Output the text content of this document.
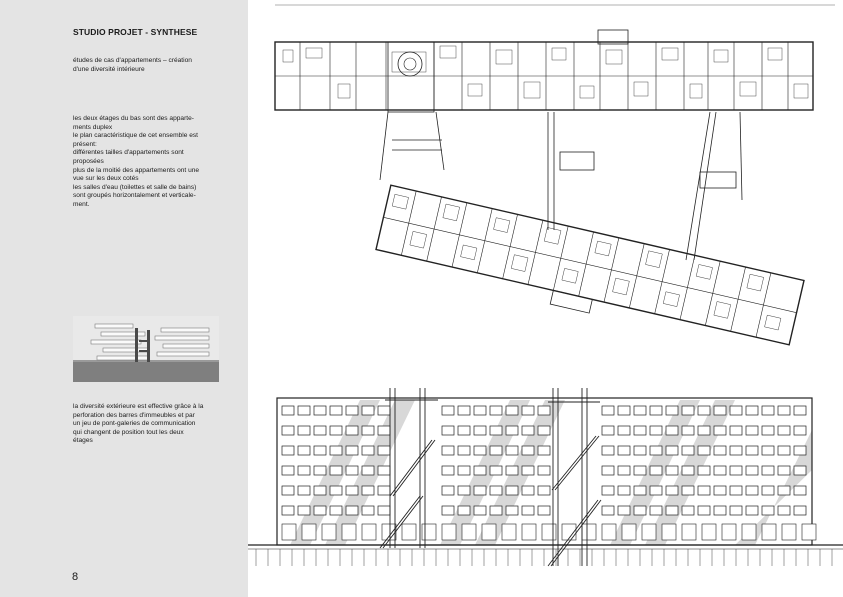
STUDIO PROJET - SYNTHESE
études de cas d'appartements – création
d'une diversité intérieure
les deux étages du bas sont des apparte-
ments duplex
le plan caractéristique de cet ensemble est
présent:
différentes tailles d'appartements sont
proposées
plus de la moitié des appartements ont une
vue sur les deux cotés
les salles d'eau (toilettes et salle de bains)
sont groupés horizontalement et verticale-
ment.
la diversité extérieure est effective grâce à la
perforation des barres d'immeubles et par
un jeu de pont-galeries de communication
qui changent de position tout les deux
étages
8
